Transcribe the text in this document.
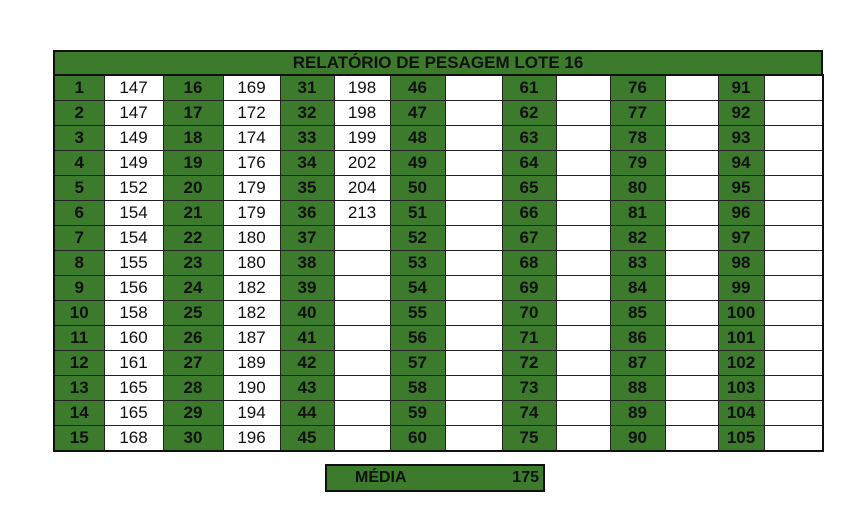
RELATÓRIO DE PESAGEM LOTE 16
1	147	16	169	31	198	46		61		76		91	
2	147	17	172	32	198	47		62		77		92	
3	149	18	174	33	199	48		63		78		93	
4	149	19	176	34	202	49		64		79		94	
5	152	20	179	35	204	50		65		80		95	
6	154	21	179	36	213	51		66		81		96	
7	154	22	180	37		52		67		82		97	
8	155	23	180	38		53		68		83		98	
9	156	24	182	39		54		69		84		99	
10	158	25	182	40		55		70		85		100	
11	160	26	187	41		56		71		86		101	
12	161	27	189	42		57		72		87		102	
13	165	28	190	43		58		73		88		103	
14	165	29	194	44		59		74		89		104	
15	168	30	196	45		60		75		90		105	
MÉDIA	175
